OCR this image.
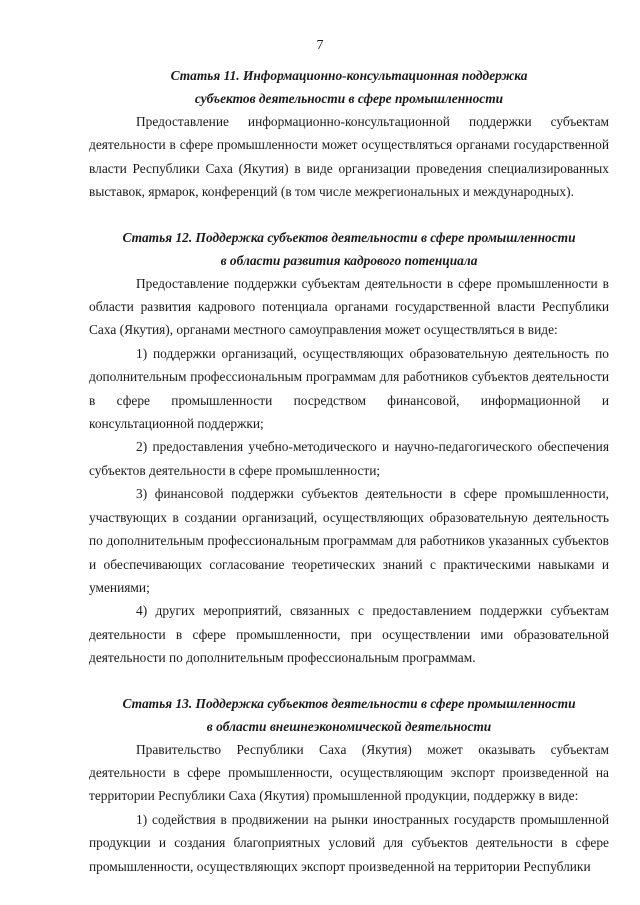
7
Статья 11. Информационно-консультационная поддержка
субъектов деятельности в сфере промышленности

Предоставление информационно-консультационной поддержки субъектам деятельности в сфере промышленности может осуществляться органами государственной власти Республики Саха (Якутия) в виде организации проведения специализированных выставок, ярмарок, конференций (в том числе межрегиональных и международных).

Статья 12. Поддержка субъектов деятельности в сфере промышленности
в области развития кадрового потенциала

Предоставление поддержки субъектам деятельности в сфере промышленности в области развития кадрового потенциала органами государственной власти Республики Саха (Якутия), органами местного самоуправления может осуществляться в виде:

1) поддержки организаций, осуществляющих образовательную деятельность по дополнительным профессиональным программам для работников субъектов деятельности в сфере промышленности посредством финансовой, информационной и консультационной поддержки;

2) предоставления учебно-методического и научно-педагогического обеспечения субъектов деятельности в сфере промышленности;

3) финансовой поддержки субъектов деятельности в сфере промышленности, участвующих в создании организаций, осуществляющих образовательную деятельность по дополнительным профессиональным программам для работников указанных субъектов и обеспечивающих согласование теоретических знаний с практическими навыками и умениями;

4) других мероприятий, связанных с предоставлением поддержки субъектам деятельности в сфере промышленности, при осуществлении ими образовательной деятельности по дополнительным профессиональным программам.

Статья 13. Поддержка субъектов деятельности в сфере промышленности
в области внешнеэкономической деятельности

Правительство Республики Саха (Якутия) может оказывать субъектам деятельности в сфере промышленности, осуществляющим экспорт произведенной на территории Республики Саха (Якутия) промышленной продукции, поддержку в виде:

1) содействия в продвижении на рынки иностранных государств промышленной продукции и создания благоприятных условий для субъектов деятельности в сфере промышленности, осуществляющих экспорт произведенной на территории Республики
